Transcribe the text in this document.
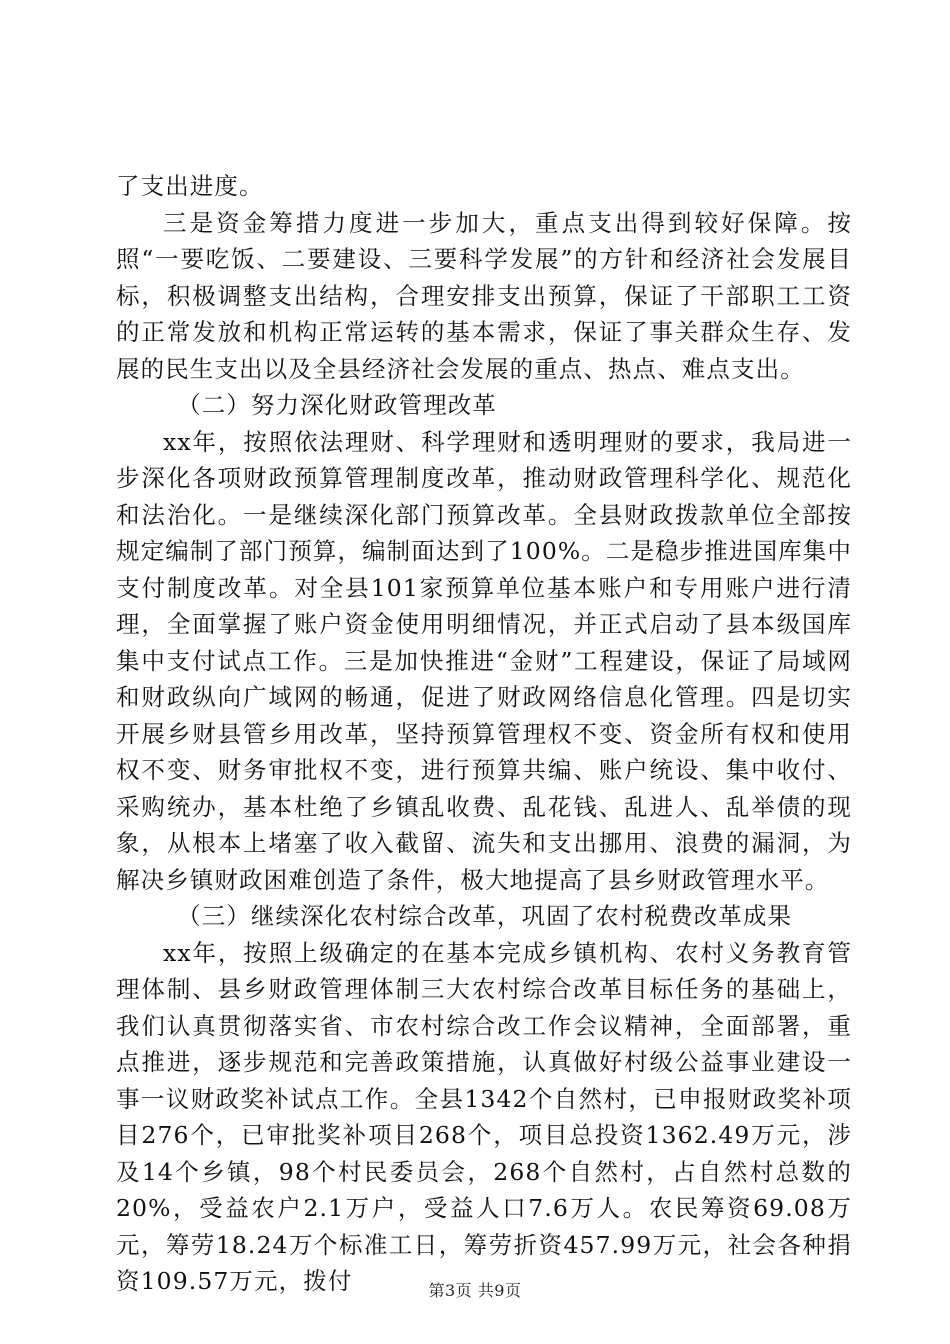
了支出进度。

三是资金筹措力度进一步加大，重点支出得到较好保障。按照“一要吃饭、二要建设、三要科学发展”的方针和经济社会发展目标，积极调整支出结构，合理安排支出预算，保证了干部职工工资的正常发放和机构正常运转的基本需求，保证了事关群众生存、发展的民生支出以及全县经济社会发展的重点、热点、难点支出。

（二）努力深化财政管理改革

xx年，按照依法理财、科学理财和透明理财的要求，我局进一步深化各项财政预算管理制度改革，推动财政管理科学化、规范化和法治化。一是继续深化部门预算改革。全县财政拨款单位全部按规定编制了部门预算，编制面达到了100%。二是稳步推进国库集中支付制度改革。对全县101家预算单位基本账户和专用账户进行清理，全面掌握了账户资金使用明细情况，并正式启动了县本级国库集中支付试点工作。三是加快推进“金财”工程建设，保证了局域网和财政纵向广域网的畅通，促进了财政网络信息化管理。四是切实开展乡财县管乡用改革，坚持预算管理权不变、资金所有权和使用权不变、财务审批权不变，进行预算共编、账户统设、集中收付、采购统办，基本杜绝了乡镇乱收费、乱花钱、乱进人、乱举债的现象，从根本上堵塞了收入截留、流失和支出挪用、浪费的漏洞，为解决乡镇财政困难创造了条件，极大地提高了县乡财政管理水平。

（三）继续深化农村综合改革，巩固了农村税费改革成果

xx年，按照上级确定的在基本完成乡镇机构、农村义务教育管理体制、县乡财政管理体制三大农村综合改革目标任务的基础上，我们认真贯彻落实省、市农村综合改工作会议精神，全面部署，重点推进，逐步规范和完善政策措施，认真做好村级公益事业建设一事一议财政奖补试点工作。全县1342个自然村，已申报财政奖补项目276个，已审批奖补项目268个，项目总投资1362.49万元，涉及14个乡镇，98个村民委员会，268个自然村，占自然村总数的20%，受益农户2.1万户，受益人口7.6万人。农民筹资69.08万元，筹劳18.24万个标准工日，筹劳折资457.99万元，社会各种捐资109.57万元，拨付	第3页 共9页
